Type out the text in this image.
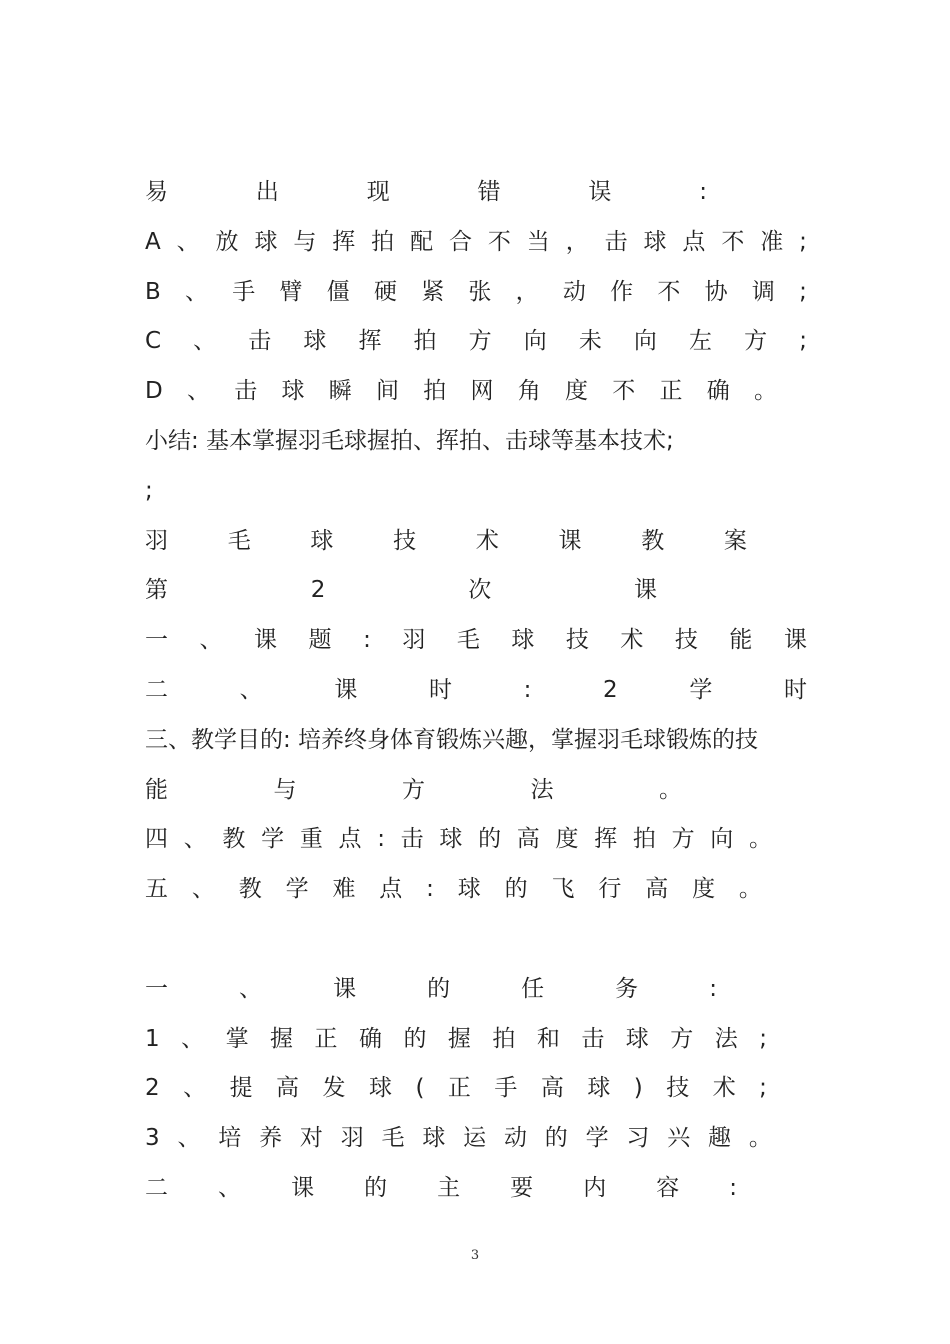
易	出	现	错	误	:
A 、 放 球 与 挥 拍 配 合 不 当 ， 击 球 点 不 准 ;
B 、 手 臂 僵 硬 紧 张 ， 动 作 不 协 调 ;
C 、 击 球 挥 拍 方 向 未 向 左 方 ;
D 、 击 球 瞬 间 拍 网 角 度 不 正 确 。
小结: 基本掌握羽毛球握拍、挥拍、击球等基本技术;
;
羽	毛	球	技	术	课	教	案
第	2	次	课
一 、 课 题 : 羽 毛 球 技 术 技 能 课
二	、	课	时	:	2	学	时
三、教学目的: 培养终身体育锻炼兴趣，掌握羽毛球锻炼的技
能	与	方	法	。
四 、 教 学 重 点 : 击 球 的 高 度 挥 拍 方 向 。
五 、 教 学 难 点 : 球 的 飞 行 高 度 。
一	、	课	的	任	务	:
1 、 掌 握 正 确 的 握 拍 和 击 球 方 法 ;
2 、 提 高 发 球 ( 正 手 高 球 ) 技 术 ;
3 、 培 养 对 羽 毛 球 运 动 的 学 习 兴 趣 。
二 、 课 的 主 要 内 容 :
3
